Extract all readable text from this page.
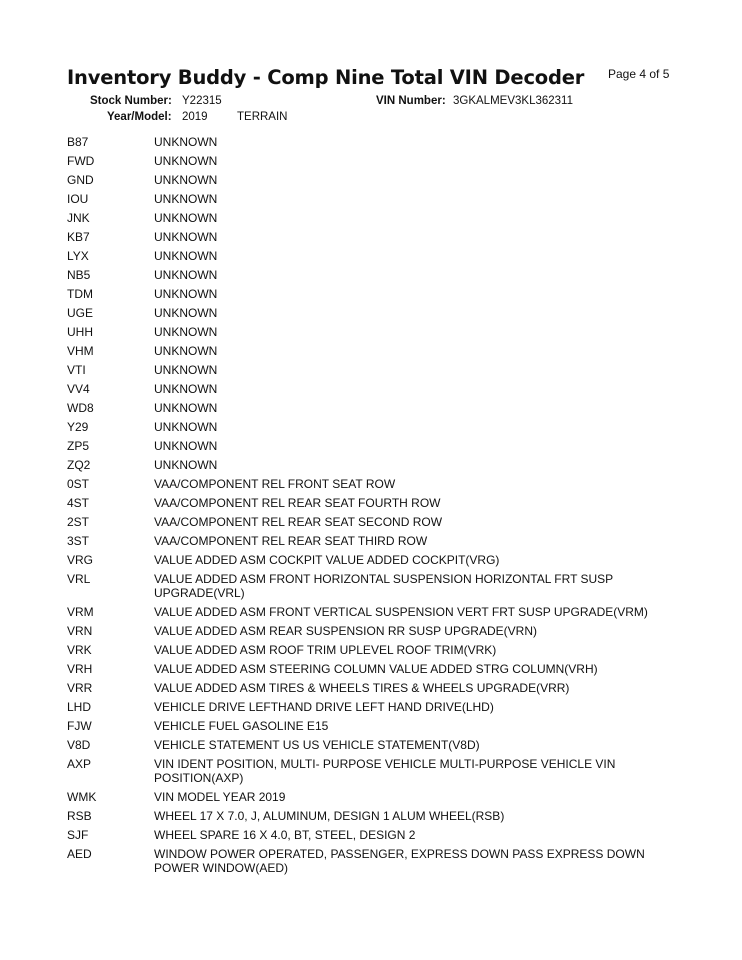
Inventory Buddy - Comp Nine Total VIN Decoder Page 4 of 5
Stock Number: Y22315	VIN Number: 3GKALMEV3KL362311
Year/Model: 2019	TERRAIN
B87	UNKNOWN
FWD	UNKNOWN
GND	UNKNOWN
IOU	UNKNOWN
JNK	UNKNOWN
KB7	UNKNOWN
LYX	UNKNOWN
NB5	UNKNOWN
TDM	UNKNOWN
UGE	UNKNOWN
UHH	UNKNOWN
VHM	UNKNOWN
VTI	UNKNOWN
VV4	UNKNOWN
WD8	UNKNOWN
Y29	UNKNOWN
ZP5	UNKNOWN
ZQ2	UNKNOWN
0ST	VAA/COMPONENT REL FRONT SEAT ROW
4ST	VAA/COMPONENT REL REAR SEAT FOURTH ROW
2ST	VAA/COMPONENT REL REAR SEAT SECOND ROW
3ST	VAA/COMPONENT REL REAR SEAT THIRD ROW
VRG	VALUE ADDED ASM COCKPIT VALUE ADDED COCKPIT(VRG)
VRL	VALUE ADDED ASM FRONT HORIZONTAL SUSPENSION HORIZONTAL FRT SUSP UPGRADE(VRL)
VRM	VALUE ADDED ASM FRONT VERTICAL SUSPENSION VERT FRT SUSP UPGRADE(VRM)
VRN	VALUE ADDED ASM REAR SUSPENSION RR SUSP UPGRADE(VRN)
VRK	VALUE ADDED ASM ROOF TRIM UPLEVEL ROOF TRIM(VRK)
VRH	VALUE ADDED ASM STEERING COLUMN VALUE ADDED STRG COLUMN(VRH)
VRR	VALUE ADDED ASM TIRES & WHEELS TIRES & WHEELS UPGRADE(VRR)
LHD	VEHICLE DRIVE LEFTHAND DRIVE LEFT HAND DRIVE(LHD)
FJW	VEHICLE FUEL GASOLINE E15
V8D	VEHICLE STATEMENT US US VEHICLE STATEMENT(V8D)
AXP	VIN IDENT POSITION, MULTI- PURPOSE VEHICLE MULTI-PURPOSE VEHICLE VIN POSITION(AXP)
WMK	VIN MODEL YEAR 2019
RSB	WHEEL 17 X 7.0, J, ALUMINUM, DESIGN 1 ALUM WHEEL(RSB)
SJF	WHEEL SPARE 16 X 4.0, BT, STEEL, DESIGN 2
AED	WINDOW POWER OPERATED, PASSENGER, EXPRESS DOWN PASS EXPRESS DOWN POWER WINDOW(AED)
